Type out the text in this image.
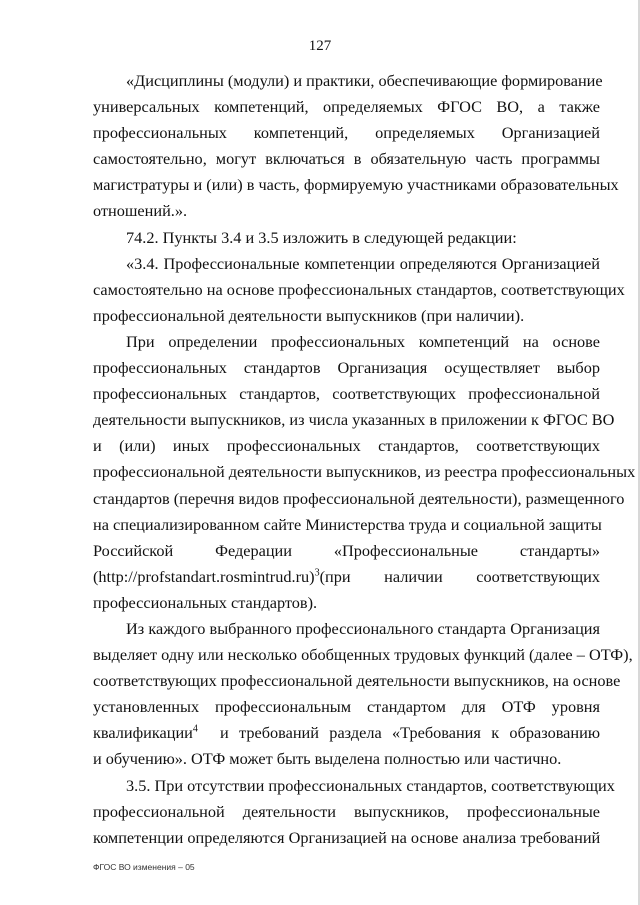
127
«Дисциплины (модули) и практики, обеспечивающие формирование
универсальных компетенций, определяемых ФГОС ВО, а также
профессиональных компетенций, определяемых Организацией
самостоятельно, могут включаться в обязательную часть программы
магистратуры и (или) в часть, формируемую участниками образовательных
отношений.».
74.2. Пункты 3.4 и 3.5 изложить в следующей редакции:
«3.4. Профессиональные компетенции определяются Организацией
самостоятельно на основе профессиональных стандартов, соответствующих
профессиональной деятельности выпускников (при наличии).
При определении профессиональных компетенций на основе
профессиональных стандартов Организация осуществляет выбор
профессиональных стандартов, соответствующих профессиональной
деятельности выпускников, из числа указанных в приложении к ФГОС ВО
и (или) иных профессиональных стандартов, соответствующих
профессиональной деятельности выпускников, из реестра профессиональных
стандартов (перечня видов профессиональной деятельности), размещенного
на специализированном сайте Министерства труда и социальной защиты
Российской Федерации «Профессиональные стандарты»
(http://profstandart.rosmintrud.ru)$^3$ (при наличии соответствующих
профессиональных стандартов).
Из каждого выбранного профессионального стандарта Организация
выделяет одну или несколько обобщенных трудовых функций (далее – ОТФ),
соответствующих профессиональной деятельности выпускников, на основе
установленных профессиональным стандартом для ОТФ уровня
квалификации$^4$ и требований раздела «Требования к образованию
и обучению». ОТФ может быть выделена полностью или частично.
3.5. При отсутствии профессиональных стандартов, соответствующих
профессиональной деятельности выпускников, профессиональные
компетенции определяются Организацией на основе анализа требований
ФГОС ВО изменения – 05
